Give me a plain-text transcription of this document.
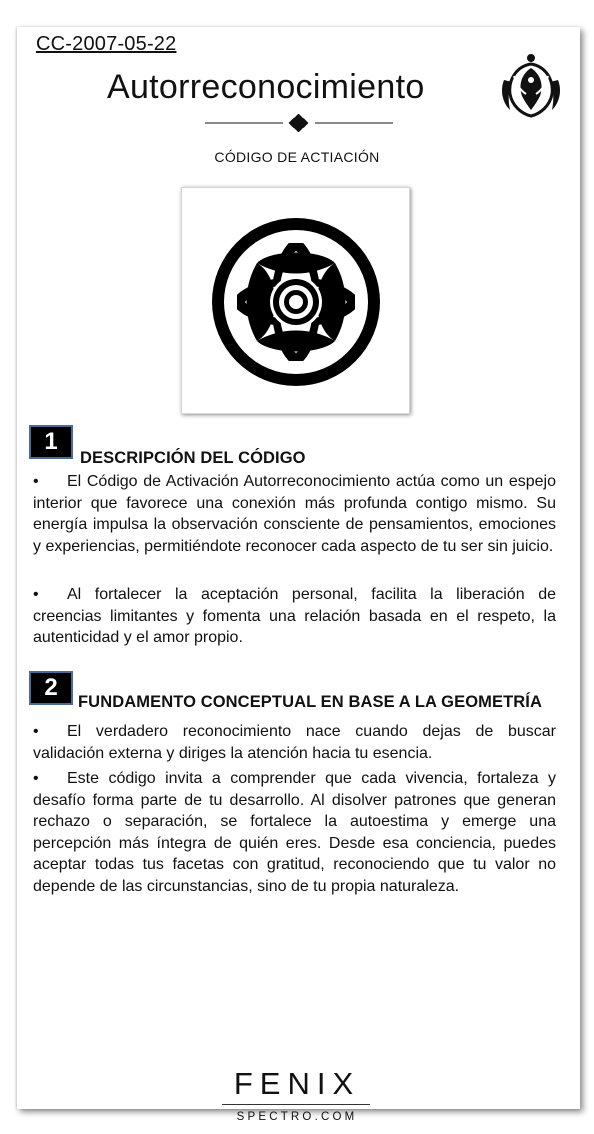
CC-2007-05-22
Autorreconocimiento
CÓDIGO DE ACTIACIÓN
1
DESCRIPCIÓN DEL CÓDIGO

• El Código de Activación Autorreconocimiento actúa como un espejo interior que favorece una conexión más profunda contigo mismo. Su energía impulsa la observación consciente de pensamientos, emociones y experiencias, permitiéndote reconocer cada aspecto de tu ser sin juicio.

• Al fortalecer la aceptación personal, facilita la liberación de creencias limitantes y fomenta una relación basada en el respeto, la autenticidad y el amor propio.

2
FUNDAMENTO CONCEPTUAL EN BASE A LA GEOMETRÍA

• El verdadero reconocimiento nace cuando dejas de buscar validación externa y diriges la atención hacia tu esencia.

• Este código invita a comprender que cada vivencia, fortaleza y desafío forma parte de tu desarrollo. Al disolver patrones que generan rechazo o separación, se fortalece la autoestima y emerge una percepción más íntegra de quién eres. Desde esa conciencia, puedes aceptar todas tus facetas con gratitud, reconociendo que tu valor no depende de las circunstancias, sino de tu propia naturaleza.

FENIX
SPECTRO.COM
